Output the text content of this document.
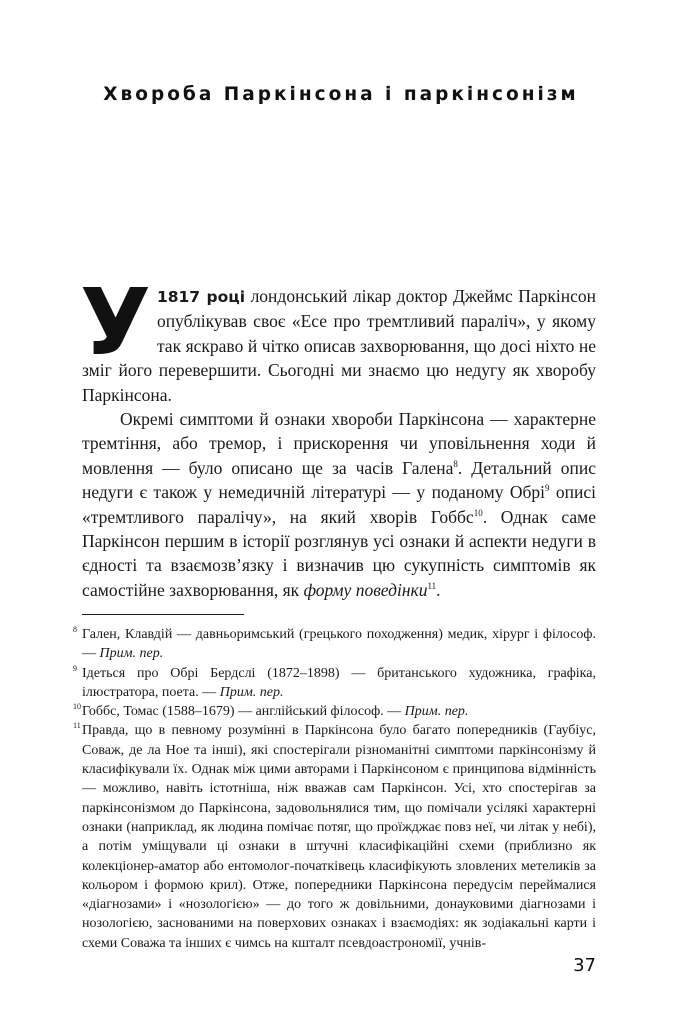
Хвороба Паркінсона і паркінсонізм

У 1817 році лондонський лікар доктор Джеймс Паркінсон опублікував своє «Есе про тремтливий параліч», у якому так яскраво й чітко описав захворювання, що досі ніхто не зміг його перевершити. Сьогодні ми знаємо цю недугу як хворобу Паркінсона.

Окремі симптоми й ознаки хвороби Паркінсона — характерне тремтіння, або тремор, і прискорення чи уповільнення ходи й мовлення — було описано ще за часів Галена$^8$. Детальний опис недуги є також у немедичній літературі — у поданому Обрі$^9$ описі «тремтливого паралічу», на який хворів Гоббс$^{10}$. Однак саме Паркінсон першим в історії розглянув усі ознаки й аспекти недуги в єдності та взаємозв’язку і визначив цю сукупність симптомів як самостійне захворювання, як форму поведінки$^{11}$.

8 Гален, Клавдій — давньоримський (грецького походження) медик, хірург і філософ. — Прим. пер.

9 Ідеться про Обрі Бердслі (1872–1898) — британського художника, графіка, ілюстратора, поета. — Прим. пер.

10 Гоббс, Томас (1588–1679) — англійський філософ. — Прим. пер.

11 Правда, що в певному розумінні в Паркінсона було багато попередників (Гаубіус, Соваж, де ла Ное та інші), які спостерігали різноманітні симптоми паркінсонізму й класифікували їх. Однак між цими авторами і Паркінсоном є принципова відмінність — можливо, навіть істотніша, ніж вважав сам Паркінсон. Усі, хто спостерігав за паркінсонізмом до Паркінсона, задовольнялися тим, що помічали усілякі характерні ознаки (наприклад, як людина помічає потяг, що проїжджає повз неї, чи літак у небі), а потім уміщували ці ознаки в штучні класифікаційні схеми (приблизно як колекціонер-аматор або ентомолог-початківець класифікують зловлених метеликів за кольором і формою крил). Отже, попередники Паркінсона передусім переймалися «діагнозами» і «нозологією» — до того ж довільними, донауковими діагнозами і нозологією, заснованими на поверхових ознаках і взаємодіях: як зодіакальні карти і схеми Соважа та інших є чимсь на кшталт псевдоастрономії, учнів-

37
